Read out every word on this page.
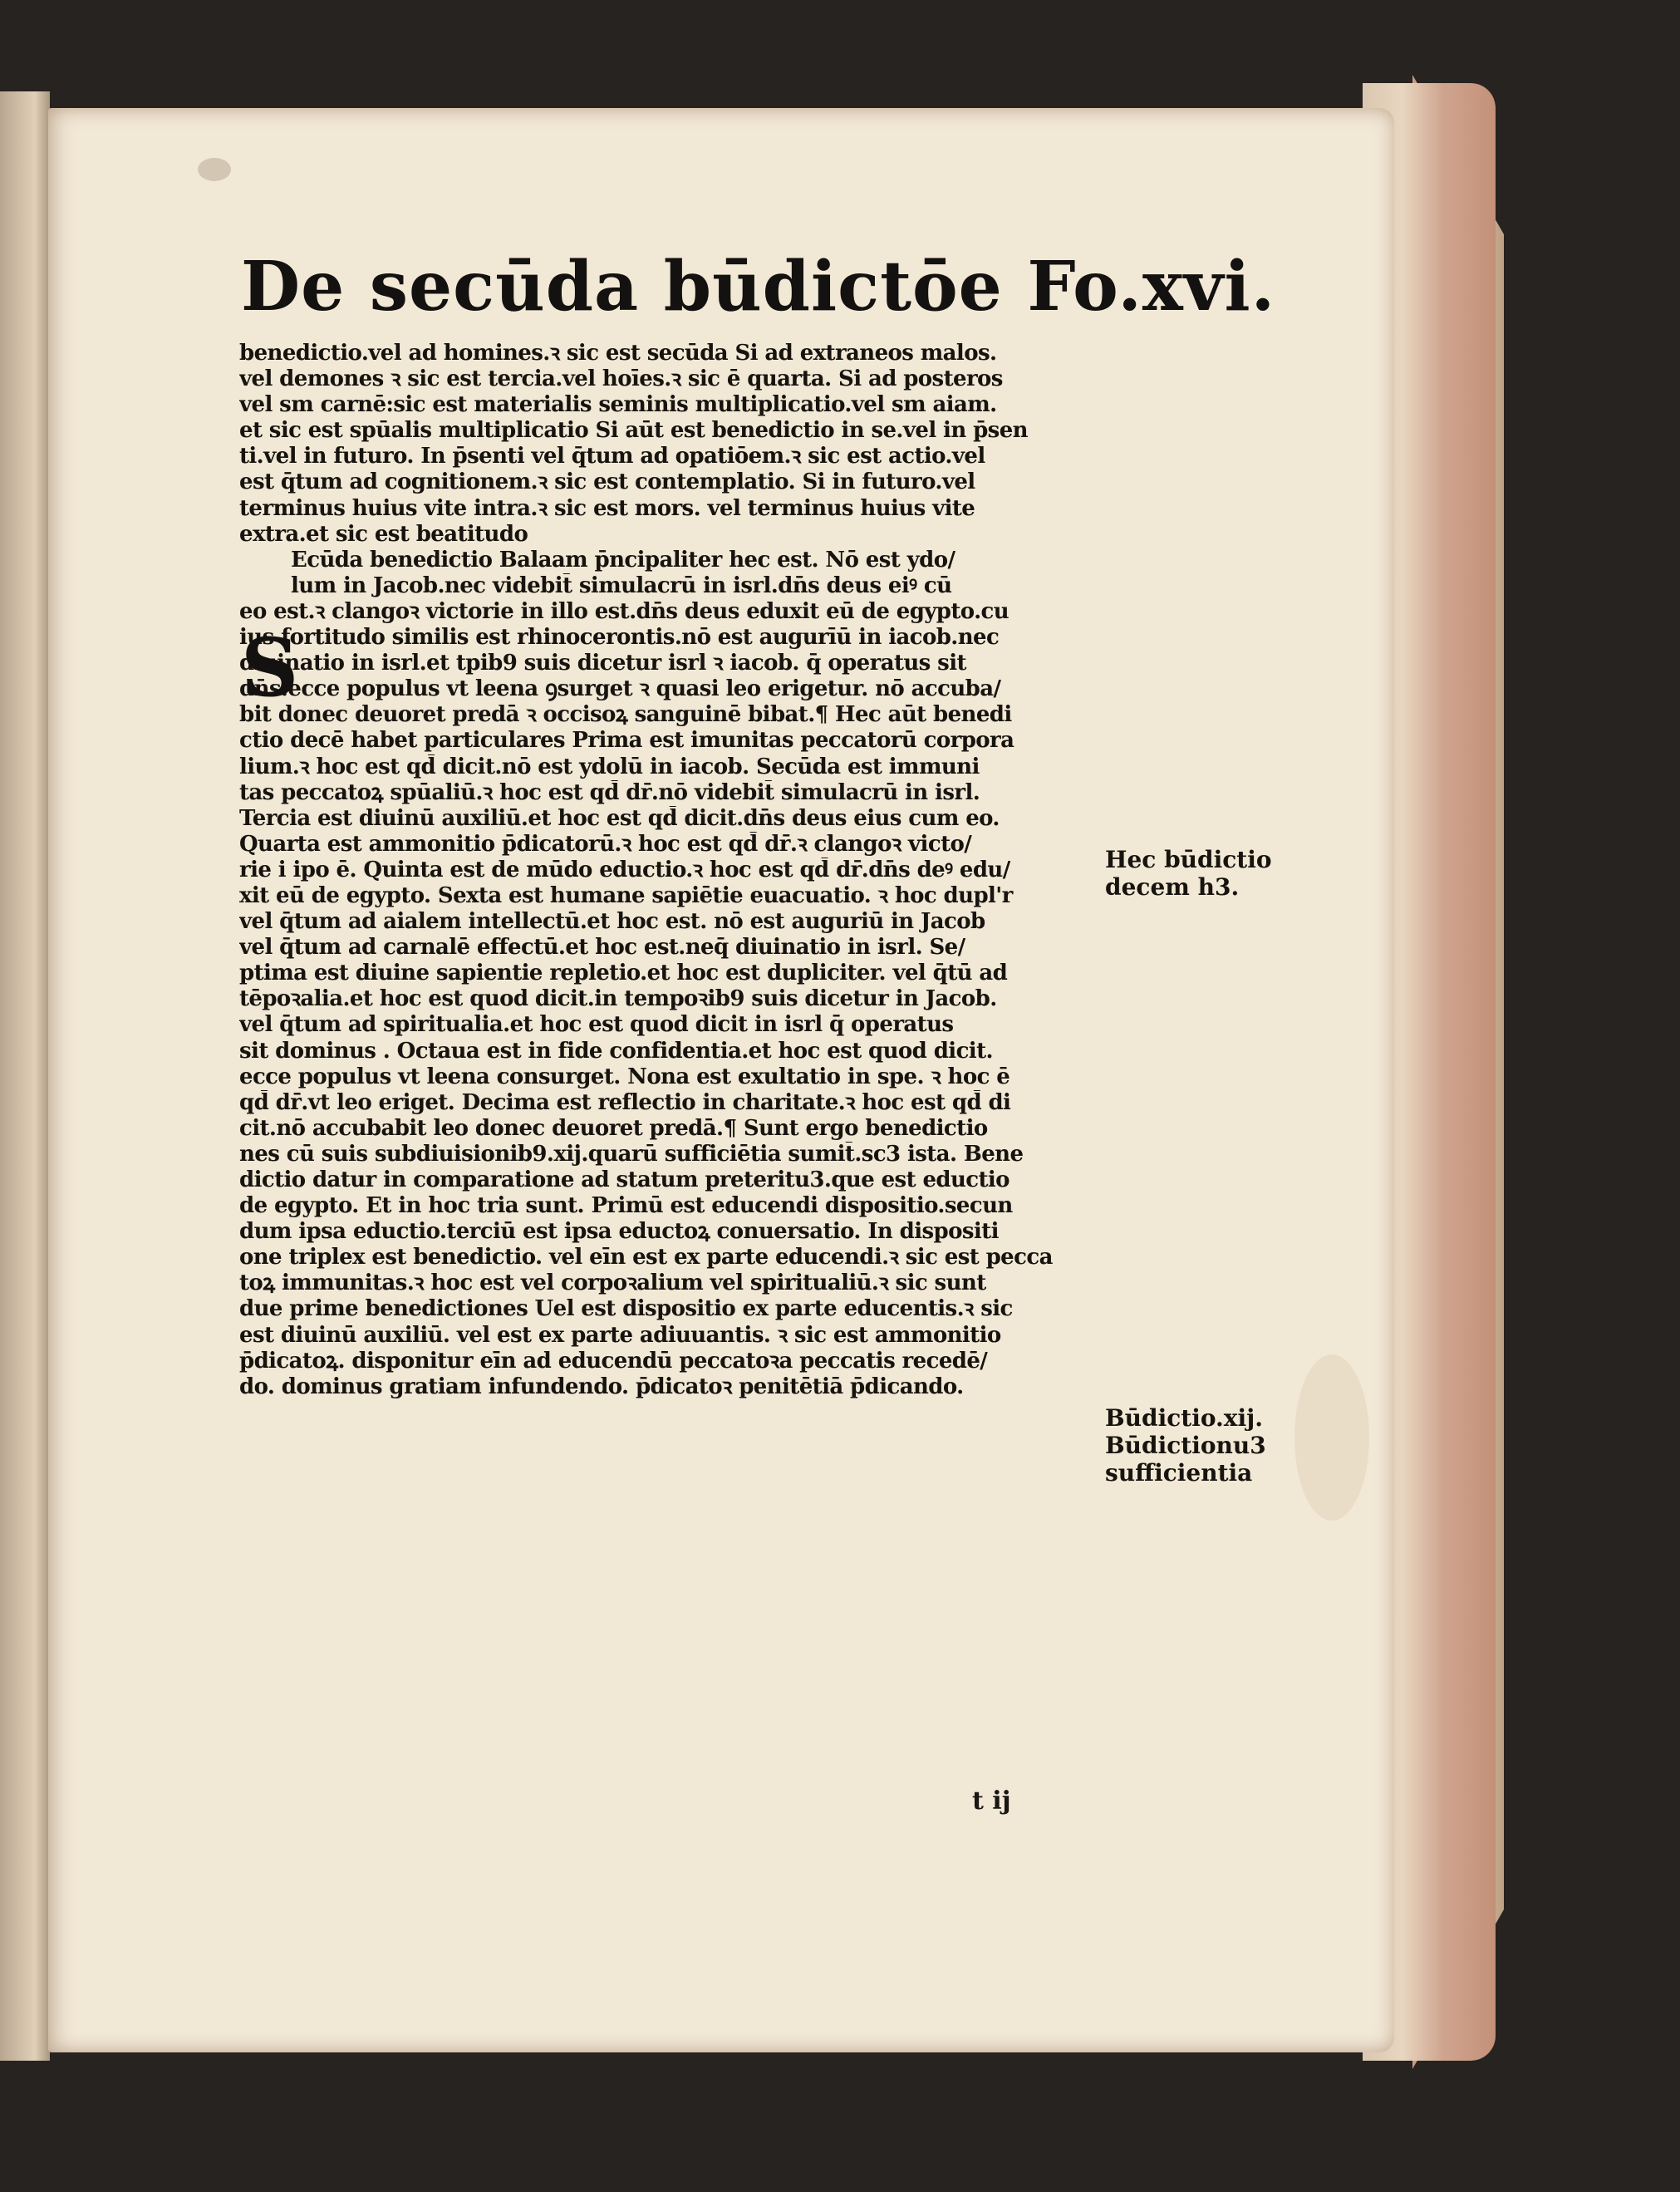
De secūda būdictōe Fo.xvi.
benedictio.vel ad homines.ꝛ sic est secūda Si ad extraneos malos.
vel demones ꝛ sic est tercia.vel hoīes.ꝛ sic ē quarta. Si ad posteros
vel sm carnē:sic est materialis seminis multiplicatio.vel sm aiam.
et sic est spūalis multiplicatio Si aūt est benedictio in se.vel in p̄sen
ti.vel in futuro. In p̄senti vel q̄tum ad opatiōem.ꝛ sic est actio.vel
est q̄tum ad cognitionem.ꝛ sic est contemplatio. Si in futuro.vel
terminus huius vite intra.ꝛ sic est mors. vel terminus huius vite
extra.et sic est beatitudo
Ecūda benedictio Balaam p̄ncipaliter hec est. Nō est ydo/
lum in Jacob.nec videbit̄ simulacrū in isrl.dn̄s deus eiꝰ cū
eo est.ꝛ clangoꝛ victorie in illo est.dn̄s deus eduxit eū de egypto.cu
ius fortitudo similis est rhinocerontis.nō est augurīū in iacob.nec
diuinatio in isrl.et tpib9 suis dicetur isrl ꝛ iacob. q̄ operatus sit
dn̄s.ecce populus vt leena ꝯsurget ꝛ quasi leo erigetur. nō accuba/
bit donec deuoret predā ꝛ occisoꝝ sanguinē bibat.¶ Hec aūt benedi
ctio decē habet particulares Prima est imunitas peccatorū corpora
lium.ꝛ hoc est qd̄ dicit.nō est ydolū in iacob. Secūda est immuni
tas peccatoꝝ spūaliū.ꝛ hoc est qd̄ dr̄.nō videbit̄ simulacrū in isrl.
Tercia est diuinū auxiliū.et hoc est qd̄ dicit.dn̄s deus eius cum eo.
Quarta est ammonitio p̄dicatorū.ꝛ hoc est qd̄ dr̄.ꝛ clangoꝛ victo/
rie i ipo ē. Quinta est de mūdo eductio.ꝛ hoc est qd̄ dr̄.dn̄s deꝰ edu/
xit eū de egypto. Sexta est humane sapiētie euacuatio. ꝛ hoc dupl'r
vel q̄tum ad aialem intellectū.et hoc est. nō est auguriū in Jacob
vel q̄tum ad carnalē effectū.et hoc est.neq̄ diuinatio in isrl. Se/
ptima est diuine sapientie repletio.et hoc est dupliciter. vel q̄tū ad
tēpoꝛalia.et hoc est quod dicit.in tempoꝛib9 suis dicetur in Jacob.
vel q̄tum ad spiritualia.et hoc est quod dicit in isrl q̄ operatus
sit dominus . Octaua est in fide confidentia.et hoc est quod dicit.
ecce populus vt leena consurget. Nona est exultatio in spe. ꝛ hoc ē
qd̄ dr̄.vt leo eriget. Decima est reflectio in charitate.ꝛ hoc est qd̄ di
cit.nō accubabit leo donec deuoret predā.¶ Sunt ergo benedictio
nes cū suis subdiuisionib9.xij.quarū sufficiētia sumit̄.sc3 ista. Bene
dictio datur in comparatione ad statum preteritu3.que est eductio
de egypto. Et in hoc tria sunt. Primū est educendi dispositio.secun
dum ipsa eductio.terciū est ipsa eductoꝝ conuersatio. In dispositi
one triplex est benedictio. vel eīn est ex parte educendi.ꝛ sic est pecca
toꝝ immunitas.ꝛ hoc est vel corpoꝛalium vel spiritualiū.ꝛ sic sunt
due prime benedictiones Uel est dispositio ex parte educentis.ꝛ sic
est diuinū auxiliū. vel est ex parte adiuuantis. ꝛ sic est ammonitio
p̄dicatoꝝ. disponitur eīn ad educendū peccatoꝛa peccatis recedē/
do. dominus gratiam infundendo. p̄dicatoꝛ penitētiā p̄dicando.
S
Hec būdictio
decem h3.
Būdictio.xij.
Būdictionu3
sufficientia
t ij
